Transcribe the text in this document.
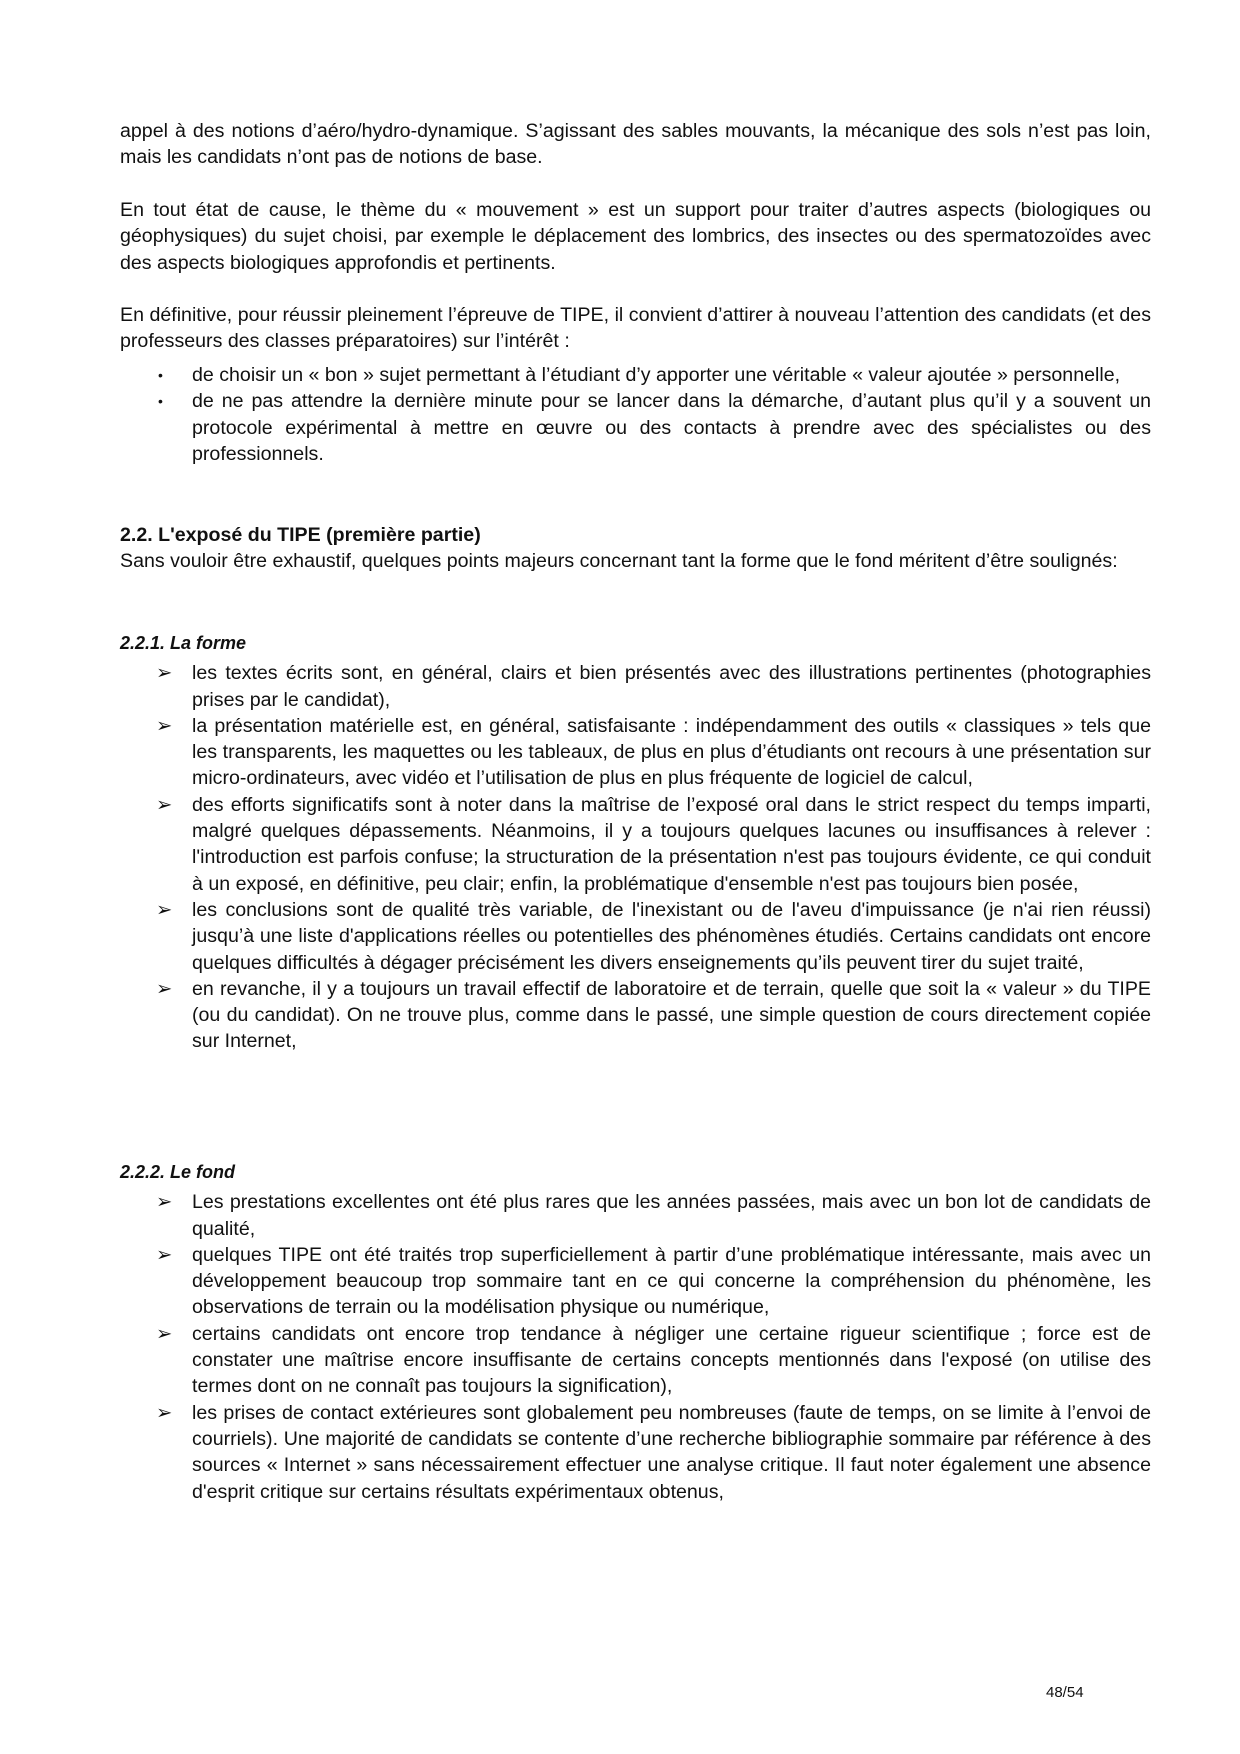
appel à des notions d’aéro/hydro-dynamique. S’agissant des sables mouvants, la mécanique des sols n’est pas loin, mais les candidats n’ont pas de notions de base.

En tout état de cause, le thème du « mouvement » est un support pour traiter d’autres aspects (biologiques ou géophysiques) du sujet choisi, par exemple le déplacement des lombrics, des insectes ou des spermatozoïdes avec des aspects biologiques approfondis et pertinents.

En définitive, pour réussir pleinement l’épreuve de TIPE, il convient d’attirer à nouveau l’attention des candidats (et des professeurs des classes préparatoires) sur l’intérêt :

• de choisir un « bon » sujet permettant à l’étudiant d’y apporter une véritable « valeur ajoutée » personnelle,
• de ne pas attendre la dernière minute pour se lancer dans la démarche, d’autant plus qu’il y a souvent un protocole expérimental à mettre en œuvre ou des contacts à prendre avec des spécialistes ou des professionnels.
2.2. L'exposé du TIPE (première partie)

Sans vouloir être exhaustif, quelques points majeurs concernant tant la forme que le fond méritent d’être soulignés:

2.2.1. La forme
➢ les textes écrits sont, en général, clairs et bien présentés avec des illustrations pertinentes (photographies prises par le candidat),
➢ la présentation matérielle est, en général, satisfaisante : indépendamment des outils « classiques » tels que les transparents, les maquettes ou les tableaux, de plus en plus d’étudiants ont recours à une présentation sur micro-ordinateurs, avec vidéo et l’utilisation de plus en plus fréquente de logiciel de calcul,
➢ des efforts significatifs sont à noter dans la maîtrise de l’exposé oral dans le strict respect du temps imparti, malgré quelques dépassements. Néanmoins, il y a toujours quelques lacunes ou insuffisances à relever : l'introduction est parfois confuse; la structuration de la présentation n'est pas toujours évidente, ce qui conduit à un exposé, en définitive, peu clair; enfin, la problématique d'ensemble n'est pas toujours bien posée,
➢ les conclusions sont de qualité très variable, de l'inexistant ou de l'aveu d'impuissance (je n'ai rien réussi) jusqu’à une liste d'applications réelles ou potentielles des phénomènes étudiés. Certains candidats ont encore quelques difficultés à dégager précisément les divers enseignements qu’ils peuvent tirer du sujet traité,
➢ en revanche, il y a toujours un travail effectif de laboratoire et de terrain, quelle que soit la « valeur » du TIPE (ou du candidat). On ne trouve plus, comme dans le passé, une simple question de cours directement copiée sur Internet,
2.2.2. Le fond
➢ Les prestations excellentes ont été plus rares que les années passées, mais avec un bon lot de candidats de qualité,
➢ quelques TIPE ont été traités trop superficiellement à partir d’une problématique intéressante, mais avec un développement beaucoup trop sommaire tant en ce qui concerne la compréhension du phénomène, les observations de terrain ou la modélisation physique ou numérique,
➢ certains candidats ont encore trop tendance à négliger une certaine rigueur scientifique ; force est de constater une maîtrise encore insuffisante de certains concepts mentionnés dans l'exposé (on utilise des termes dont on ne connaît pas toujours la signification),
➢ les prises de contact extérieures sont globalement peu nombreuses (faute de temps, on se limite à l’envoi de courriels). Une majorité de candidats se contente d’une recherche bibliographie sommaire par référence à des sources « Internet » sans nécessairement effectuer une analyse critique. Il faut noter également une absence d'esprit critique sur certains résultats expérimentaux obtenus,
48/54
